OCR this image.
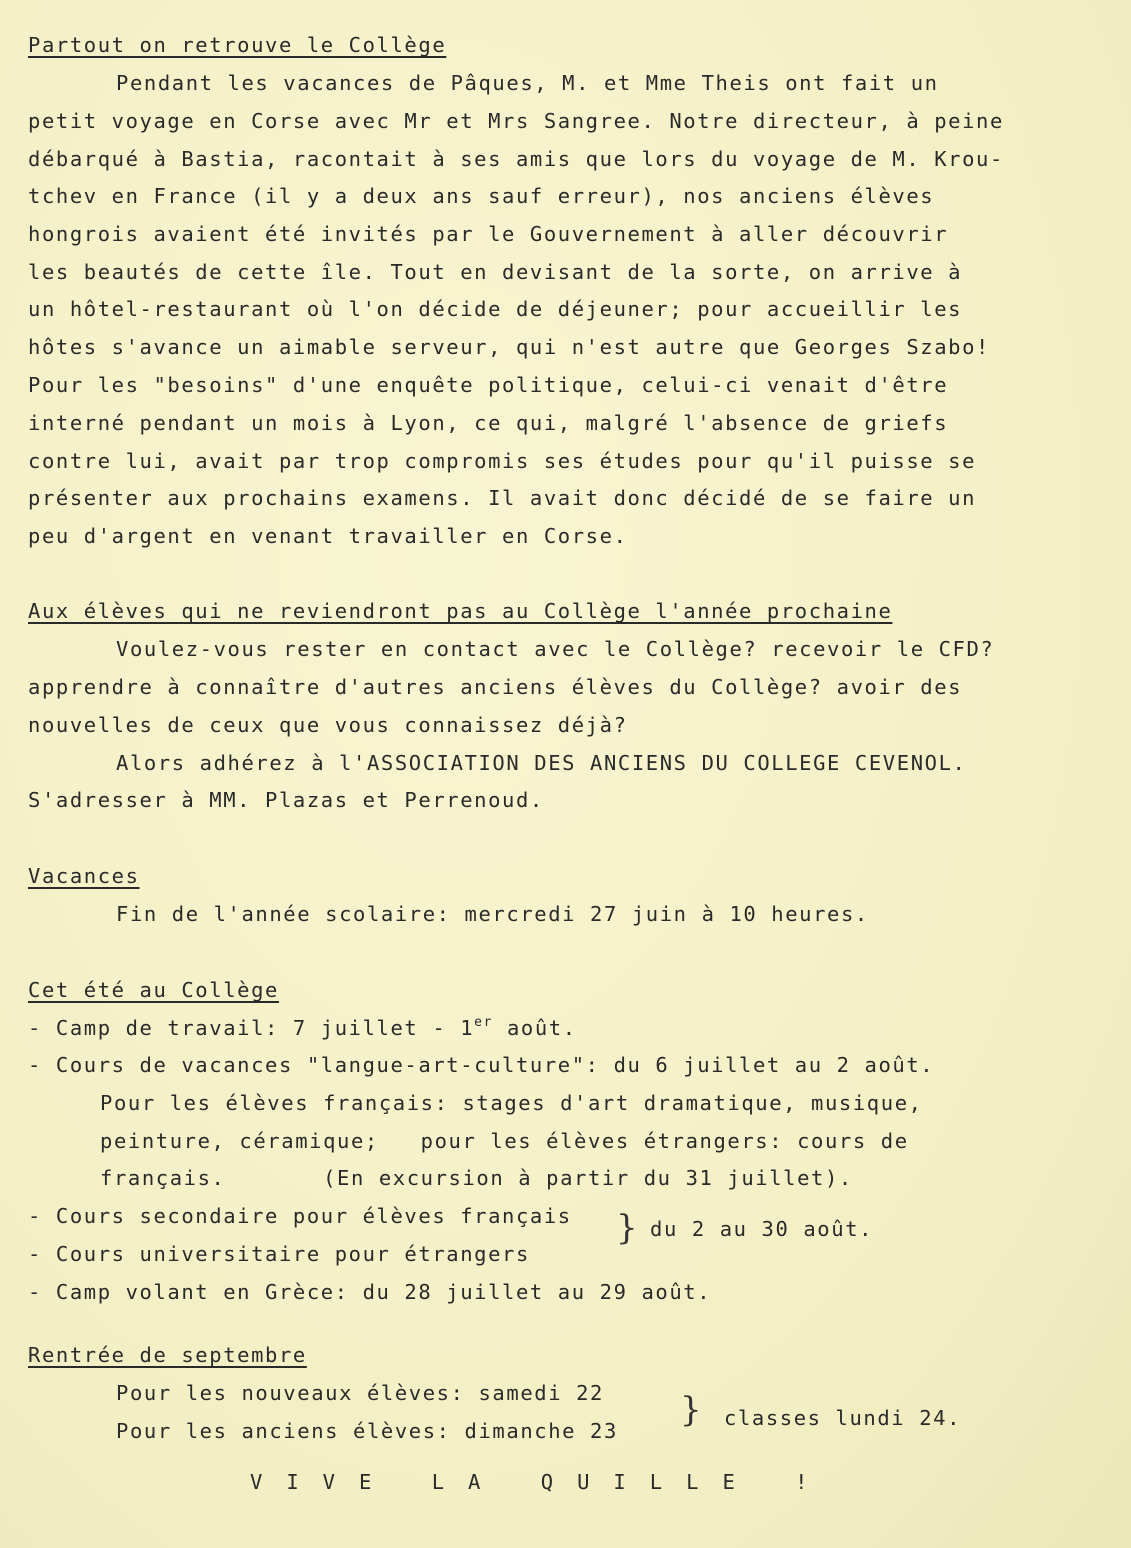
Partout on retrouve le Collège
Pendant les vacances de Pâques, M. et Mme Theis ont fait un
petit voyage en Corse avec Mr et Mrs Sangree. Notre directeur, à peine
débarqué à Bastia, racontait à ses amis que lors du voyage de M. Krou-
tchev en France (il y a deux ans sauf erreur), nos anciens élèves
hongrois avaient été invités par le Gouvernement à aller découvrir
les beautés de cette île. Tout en devisant de la sorte, on arrive à
un hôtel-restaurant où l'on décide de déjeuner; pour accueillir les
hôtes s'avance un aimable serveur, qui n'est autre que Georges Szabo!
Pour les "besoins" d'une enquête politique, celui-ci venait d'être
interné pendant un mois à Lyon, ce qui, malgré l'absence de griefs
contre lui, avait par trop compromis ses études pour qu'il puisse se
présenter aux prochains examens. Il avait donc décidé de se faire un
peu d'argent en venant travailler en Corse.
Aux élèves qui ne reviendront pas au Collège l'année prochaine
Voulez-vous rester en contact avec le Collège? recevoir le CFD?
apprendre à connaître d'autres anciens élèves du Collège? avoir des
nouvelles de ceux que vous connaissez déjà?
Alors adhérez à l'ASSOCIATION DES ANCIENS DU COLLEGE CEVENOL.
S'adresser à MM. Plazas et Perrenoud.
Vacances
Fin de l'année scolaire: mercredi 27 juin à 10 heures.
Cet été au Collège
- Camp de travail: 7 juillet - 1er août.
- Cours de vacances "langue-art-culture": du 6 juillet au 2 août.
Pour les élèves français: stages d'art dramatique, musique,
peinture, céramique;   pour les élèves étrangers: cours de
français.       (En excursion à partir du 31 juillet).
- Cours secondaire pour élèves français
- Cours universitaire pour étrangers
} du 2 au 30 août.
- Camp volant en Grèce: du 28 juillet au 29 août.
Rentrée de septembre
Pour les nouveaux élèves: samedi 22
Pour les anciens élèves: dimanche 23
} classes lundi 24.
VIVE LA QUILLE !
